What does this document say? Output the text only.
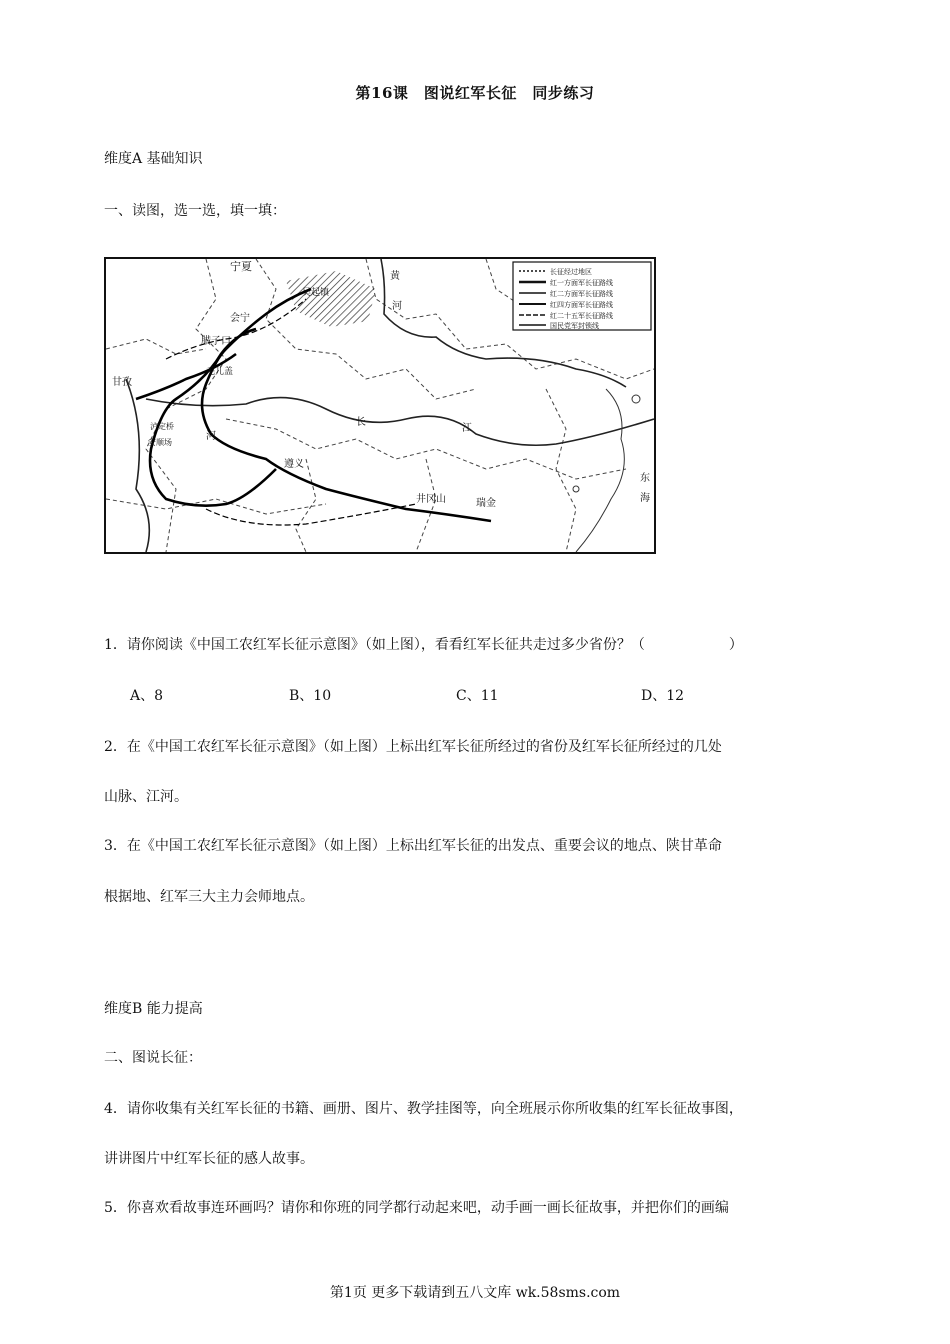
第16课　图说红军长征　同步练习
维度A 基础知识
一、读图，选一选，填一填：
长征经过地区
红一方面军长征路线
红二方面军长征路线
红四方面军长征路线
红二十五军长征路线
国民党军封锁线
宁夏
吴起镇
会宁
腊子口
毛儿盖
甘孜
泸定桥
安顺场
河
遵义
井冈山	瑞金
黄
河
长
江
东
海
1．请你阅读《中国工农红军长征示意图》（如上图），看看红军长征共走过多少省份？（　　　　　　）
A、8	B、10	C、11	D、12
2．在《中国工农红军长征示意图》（如上图）上标出红军长征所经过的省份及红军长征所经过的几处
山脉、江河。
3．在《中国工农红军长征示意图》（如上图）上标出红军长征的出发点、重要会议的地点、陕甘革命
根据地、红军三大主力会师地点。
维度B 能力提高
二、图说长征：
4．请你收集有关红军长征的书籍、画册、图片、教学挂图等，向全班展示你所收集的红军长征故事图，
讲讲图片中红军长征的感人故事。
5．你喜欢看故事连环画吗？请你和你班的同学都行动起来吧，动手画一画长征故事，并把你们的画编
第1页 更多下载请到五八文库 wk.58sms.com
